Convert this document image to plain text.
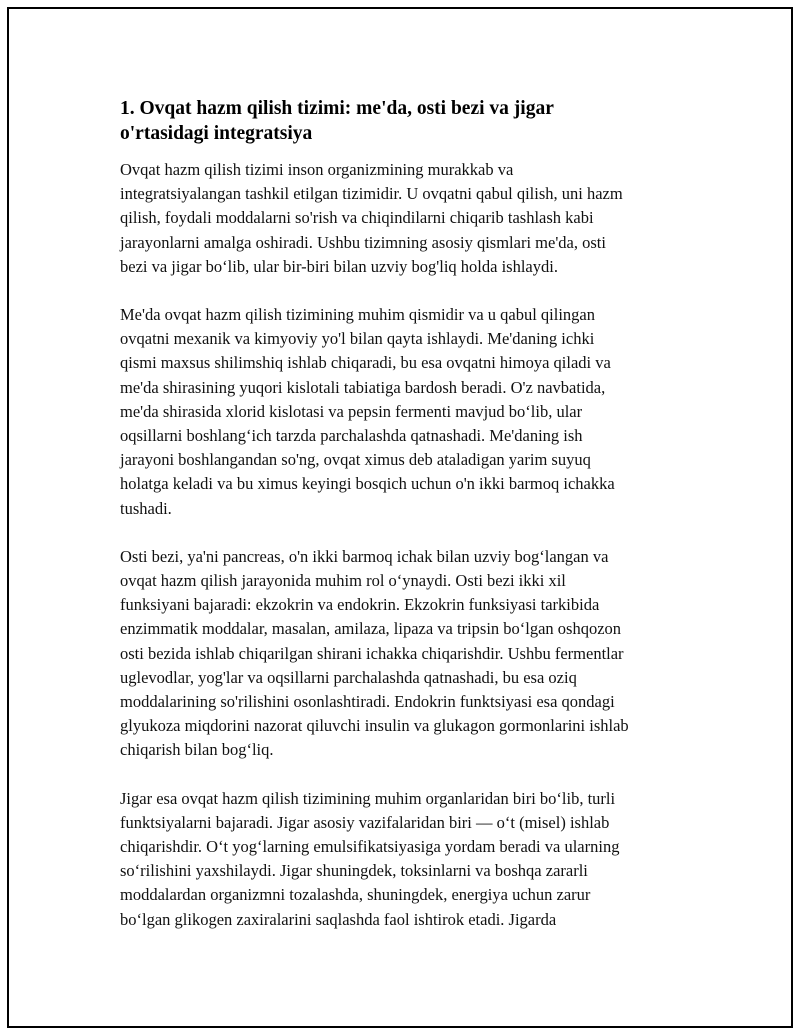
1. Ovqat hazm qilish tizimi: me'da, osti bezi va jigar
o'rtasidagi integratsiya

Ovqat hazm qilish tizimi inson organizmining murakkab va
integratsiyalangan tashkil etilgan tizimidir. U ovqatni qabul qilish, uni hazm
qilish, foydali moddalarni so'rish va chiqindilarni chiqarib tashlash kabi
jarayonlarni amalga oshiradi. Ushbu tizimning asosiy qismlari me'da, osti
bezi va jigar bo‘lib, ular bir-biri bilan uzviy bog'liq holda ishlaydi.

Me'da ovqat hazm qilish tizimining muhim qismidir va u qabul qilingan
ovqatni mexanik va kimyoviy yo'l bilan qayta ishlaydi. Me'daning ichki
qismi maxsus shilimshiq ishlab chiqaradi, bu esa ovqatni himoya qiladi va
me'da shirasining yuqori kislotali tabiatiga bardosh beradi. O'z navbatida,
me'da shirasida xlorid kislotasi va pepsin fermenti mavjud bo‘lib, ular
oqsillarni boshlang‘ich tarzda parchalashda qatnashadi. Me'daning ish
jarayoni boshlangandan so'ng, ovqat ximus deb ataladigan yarim suyuq
holatga keladi va bu ximus keyingi bosqich uchun o'n ikki barmoq ichakka
tushadi.

Osti bezi, ya'ni pancreas, o'n ikki barmoq ichak bilan uzviy bog‘langan va
ovqat hazm qilish jarayonida muhim rol o‘ynaydi. Osti bezi ikki xil
funksiyani bajaradi: ekzokrin va endokrin. Ekzokrin funksiyasi tarkibida
enzimmatik moddalar, masalan, amilaza, lipaza va tripsin bo‘lgan oshqozon
osti bezida ishlab chiqarilgan shirani ichakka chiqarishdir. Ushbu fermentlar
uglevodlar, yog'lar va oqsillarni parchalashda qatnashadi, bu esa oziq
moddalarining so'rilishini osonlashtiradi. Endokrin funktsiyasi esa qondagi
glyukoza miqdorini nazorat qiluvchi insulin va glukagon gormonlarini ishlab
chiqarish bilan bog‘liq.

Jigar esa ovqat hazm qilish tizimining muhim organlaridan biri bo‘lib, turli
funktsiyalarni bajaradi. Jigar asosiy vazifalaridan biri — o‘t (misel) ishlab
chiqarishdir. O‘t yog‘larning emulsifikatsiyasiga yordam beradi va ularning
so‘rilishini yaxshilaydi. Jigar shuningdek, toksinlarni va boshqa zararli
moddalardan organizmni tozalashda, shuningdek, energiya uchun zarur
bo‘lgan glikogen zaxiralarini saqlashda faol ishtirok etadi. Jigarda
